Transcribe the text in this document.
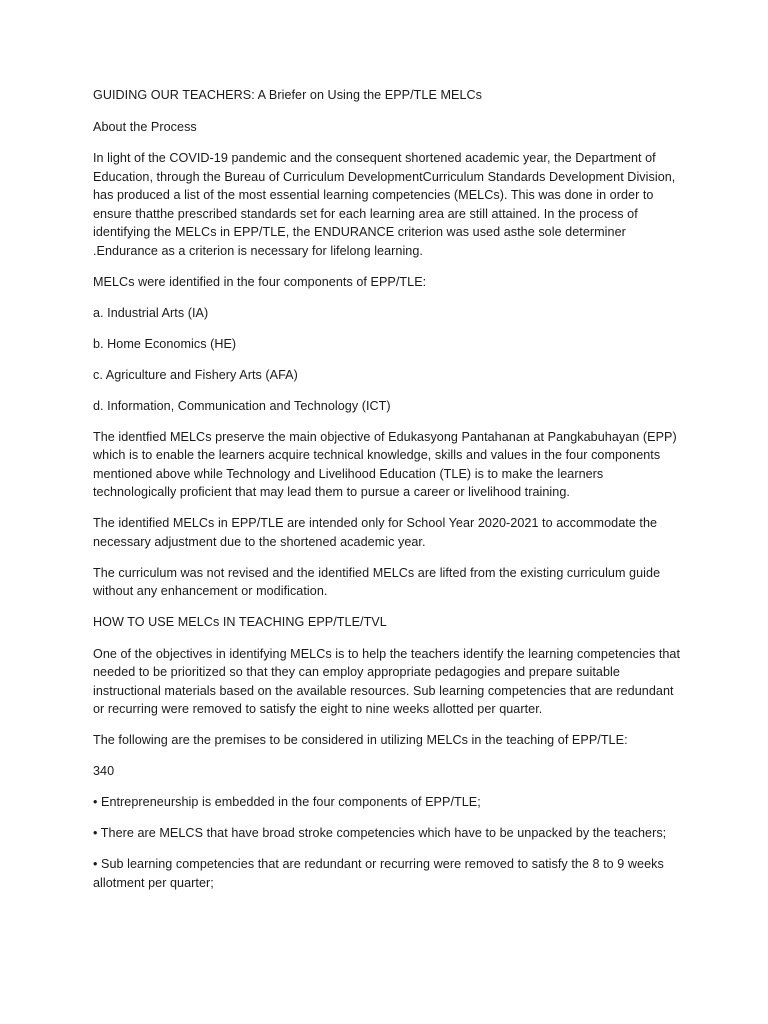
GUIDING OUR TEACHERS: A Briefer on Using the EPP/TLE MELCs

About the Process

In light of the COVID-19 pandemic and the consequent shortened academic year, the Department of Education, through the Bureau of Curriculum DevelopmentCurriculum Standards Development Division, has produced a list of the most essential learning competencies (MELCs). This was done in order to ensure thatthe prescribed standards set for each learning area are still attained. In the process of identifying the MELCs in EPP/TLE, the ENDURANCE criterion was used asthe sole determiner .Endurance as a criterion is necessary for lifelong learning.

MELCs were identified in the four components of EPP/TLE:

a. Industrial Arts (IA)

b. Home Economics (HE)

c. Agriculture and Fishery Arts (AFA)

d. Information, Communication and Technology (ICT)

The identfied MELCs preserve the main objective of Edukasyong Pantahanan at Pangkabuhayan (EPP) which is to enable the learners acquire technical knowledge, skills and values in the four components mentioned above while Technology and Livelihood Education (TLE) is to make the learners technologically proficient that may lead them to pursue a career or livelihood training.

The identified MELCs in EPP/TLE are intended only for School Year 2020-2021 to accommodate the necessary adjustment due to the shortened academic year.

The curriculum was not revised and the identified MELCs are lifted from the existing curriculum guide without any enhancement or modification.

HOW TO USE MELCs IN TEACHING EPP/TLE/TVL

One of the objectives in identifying MELCs is to help the teachers identify the learning competencies that needed to be prioritized so that they can employ appropriate pedagogies and prepare suitable instructional materials based on the available resources. Sub learning competencies that are redundant or recurring were removed to satisfy the eight to nine weeks allotted per quarter.

The following are the premises to be considered in utilizing MELCs in the teaching of EPP/TLE:

340

• Entrepreneurship is embedded in the four components of EPP/TLE;

• There are MELCS that have broad stroke competencies which have to be unpacked by the teachers;

• Sub learning competencies that are redundant or recurring were removed to satisfy the 8 to 9 weeks allotment per quarter;
